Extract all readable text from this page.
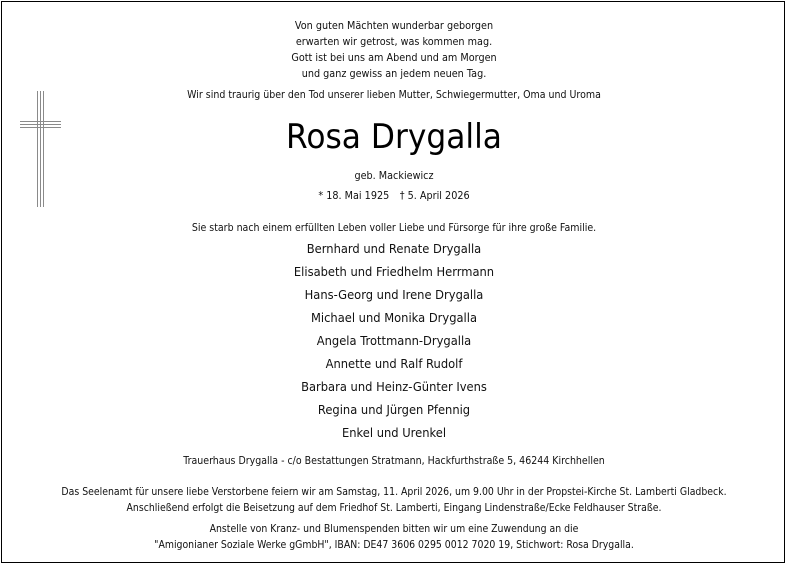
Von guten Mächten wunderbar geborgen
erwarten wir getrost, was kommen mag.
Gott ist bei uns am Abend und am Morgen
und ganz gewiss an jedem neuen Tag.
Wir sind traurig über den Tod unserer lieben Mutter, Schwiegermutter, Oma und Uroma
Rosa Drygalla
geb. Mackiewicz
* 18. Mai 1925 † 5. April 2026
Sie starb nach einem erfüllten Leben voller Liebe und Fürsorge für ihre große Familie.
Bernhard und Renate Drygalla
Elisabeth und Friedhelm Herrmann
Hans-Georg und Irene Drygalla
Michael und Monika Drygalla
Angela Trottmann-Drygalla
Annette und Ralf Rudolf
Barbara und Heinz-Günter Ivens
Regina und Jürgen Pfennig
Enkel und Urenkel
Trauerhaus Drygalla - c/o Bestattungen Stratmann, Hackfurthstraße 5, 46244 Kirchhellen
Das Seelenamt für unsere liebe Verstorbene feiern wir am Samstag, 11. April 2026, um 9.00 Uhr in der Propstei-Kirche St. Lamberti Gladbeck.
Anschließend erfolgt die Beisetzung auf dem Friedhof St. Lamberti, Eingang Lindenstraße/Ecke Feldhauser Straße.
Anstelle von Kranz- und Blumenspenden bitten wir um eine Zuwendung an die
"Amigonianer Soziale Werke gGmbH", IBAN: DE47 3606 0295 0012 7020 19, Stichwort: Rosa Drygalla.
